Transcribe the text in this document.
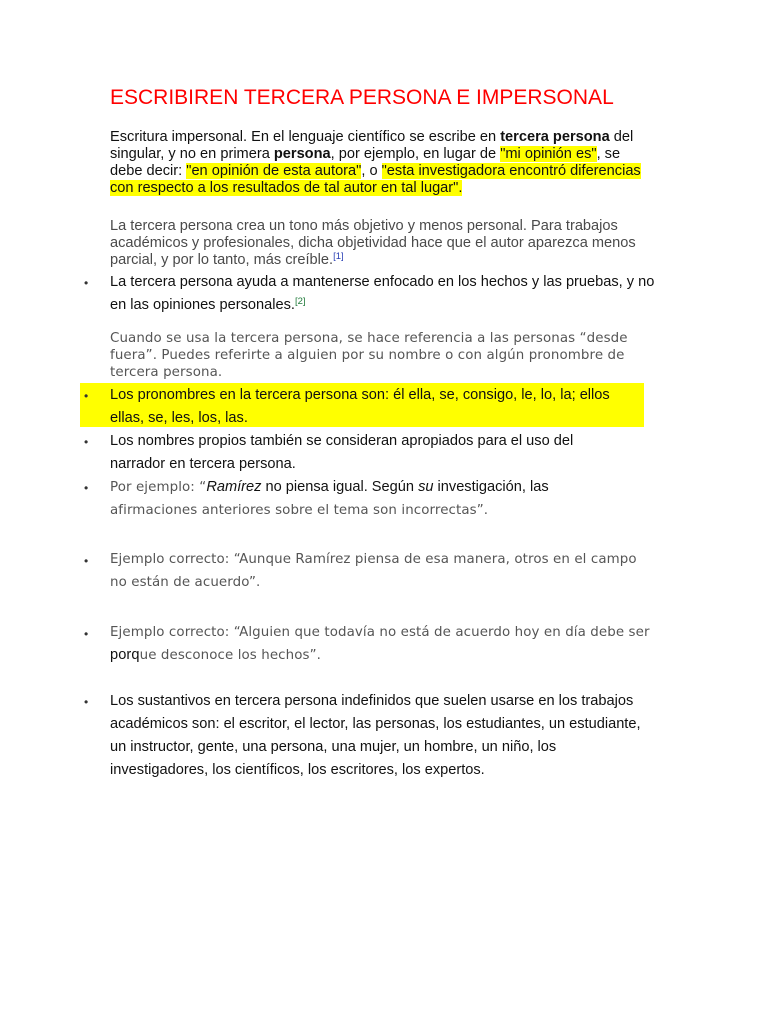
ESCRIBIREN TERCERA PERSONA E IMPERSONAL

Escritura impersonal. En el lenguaje científico se escribe en tercera persona del singular, y no en primera persona, por ejemplo, en lugar de "mi opinión es", se debe decir: "en opinión de esta autora", o "esta investigadora encontró diferencias con respecto a los resultados de tal autor en tal lugar".

La tercera persona crea un tono más objetivo y menos personal. Para trabajos académicos y profesionales, dicha objetividad hace que el autor aparezca menos parcial, y por lo tanto, más creíble.[1]

•	La tercera persona ayuda a mantenerse enfocado en los hechos y las pruebas, y no en las opiniones personales.[2]

Cuando se usa la tercera persona, se hace referencia a las personas “desde fuera”. Puedes referirte a alguien por su nombre o con algún pronombre de tercera persona.

•	Los pronombres en la tercera persona son: él ella, se, consigo, le, lo, la; ellos ellas, se, les, los, las.

•	Los nombres propios también se consideran apropiados para el uso del narrador en tercera persona.

•	Por ejemplo: “Ramírez no piensa igual. Según su investigación, las
afirmaciones anteriores sobre el tema son incorrectas”.

•	Ejemplo correcto: “Aunque Ramírez piensa de esa manera, otros en el campo no están de acuerdo”.

•	Ejemplo correcto: “Alguien que todavía no está de acuerdo hoy en día debe ser
porque desconoce los hechos”.

•	Los sustantivos en tercera persona indefinidos que suelen usarse en los trabajos académicos son: el escritor, el lector, las personas, los estudiantes, un estudiante, un instructor, gente, una persona, una mujer, un hombre, un niño, los investigadores, los científicos, los escritores, los expertos.
